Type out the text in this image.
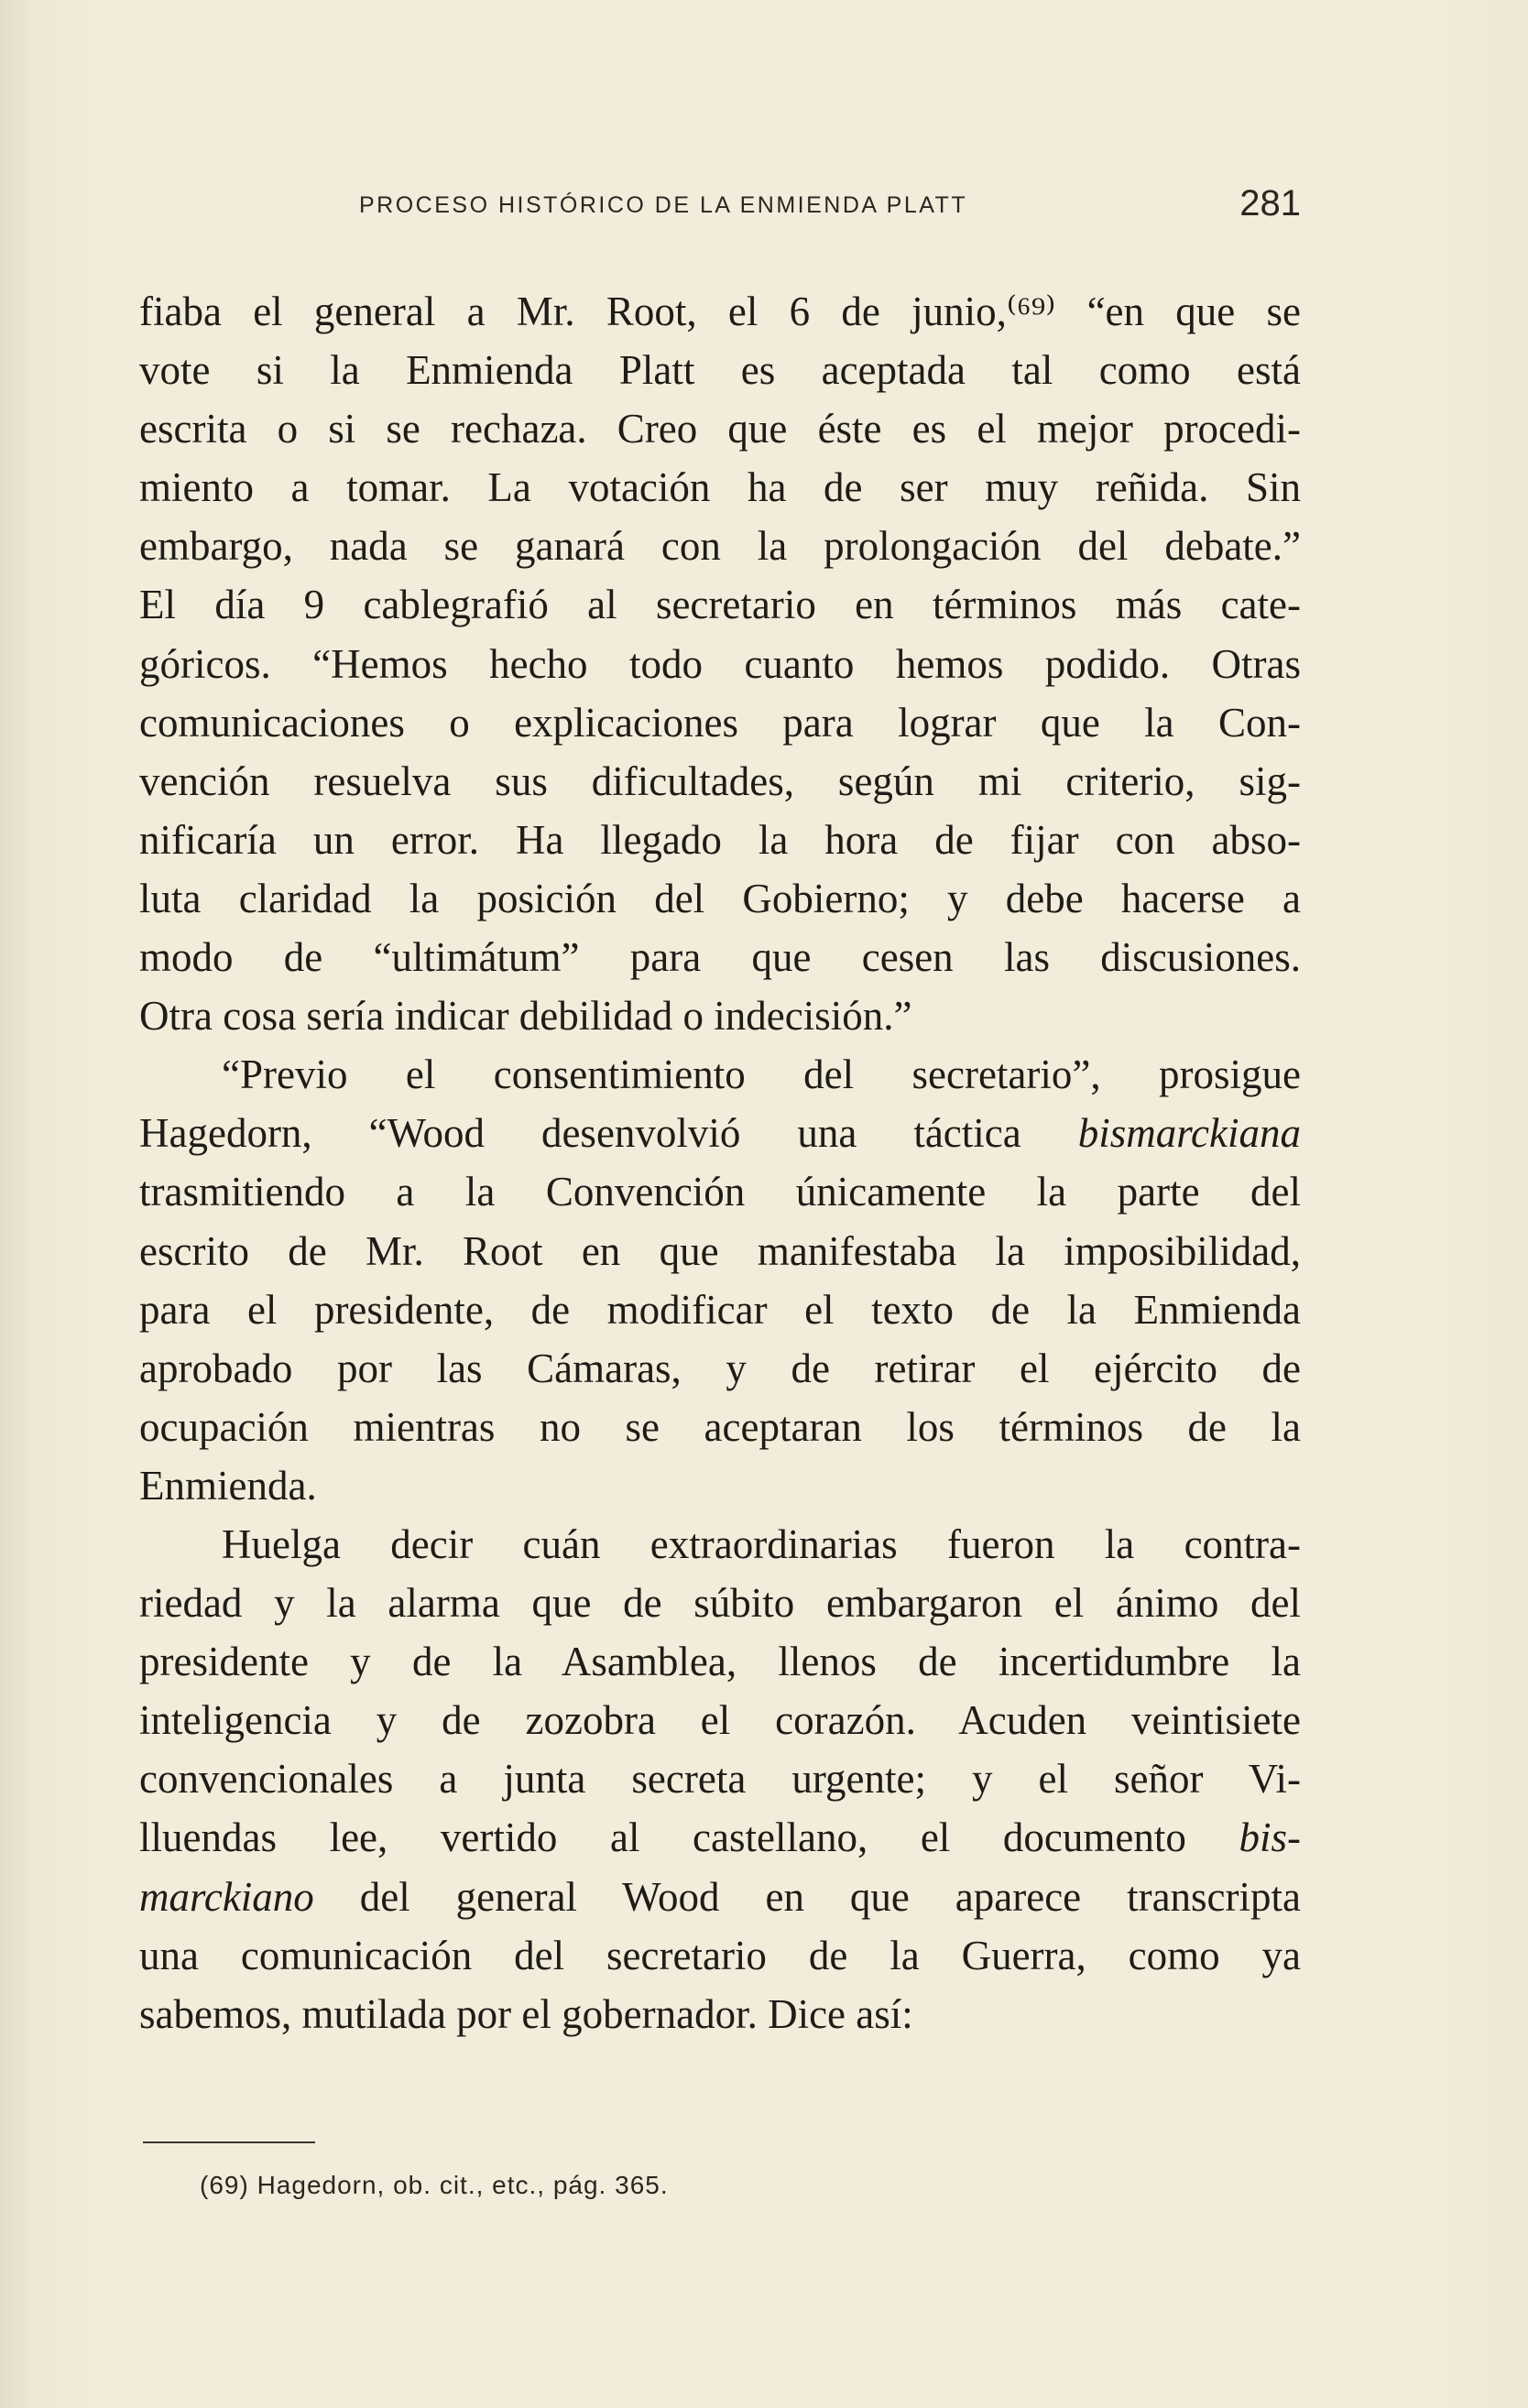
PROCESO HISTÓRICO DE LA ENMIENDA PLATT	281
fiaba el general a Mr. Root, el 6 de junio,⁽⁶⁹⁾ “en que se
vote si la Enmienda Platt es aceptada tal como está
escrita o si se rechaza. Creo que éste es el mejor procedi-
miento a tomar. La votación ha de ser muy reñida. Sin
embargo, nada se ganará con la prolongación del debate.”
El día 9 cablegrafió al secretario en términos más cate-
góricos. “Hemos hecho todo cuanto hemos podido. Otras
comunicaciones o explicaciones para lograr que la Con-
vención resuelva sus dificultades, según mi criterio, sig-
nificaría un error. Ha llegado la hora de fijar con abso-
luta claridad la posición del Gobierno; y debe hacerse a
modo de “ultimátum” para que cesen las discusiones.
Otra cosa sería indicar debilidad o indecisión.”
“Previo el consentimiento del secretario”, prosigue
Hagedorn, “Wood desenvolvió una táctica bismarckiana
trasmitiendo a la Convención únicamente la parte del
escrito de Mr. Root en que manifestaba la imposibilidad,
para el presidente, de modificar el texto de la Enmienda
aprobado por las Cámaras, y de retirar el ejército de
ocupación mientras no se aceptaran los términos de la
Enmienda.
Huelga decir cuán extraordinarias fueron la contra-
riedad y la alarma que de súbito embargaron el ánimo del
presidente y de la Asamblea, llenos de incertidumbre la
inteligencia y de zozobra el corazón. Acuden veintisiete
convencionales a junta secreta urgente; y el señor Vi-
lluendas lee, vertido al castellano, el documento bis-
marckiano del general Wood en que aparece transcripta
una comunicación del secretario de la Guerra, como ya
sabemos, mutilada por el gobernador. Dice así:
(69) Hagedorn, ob. cit., etc., pág. 365.
